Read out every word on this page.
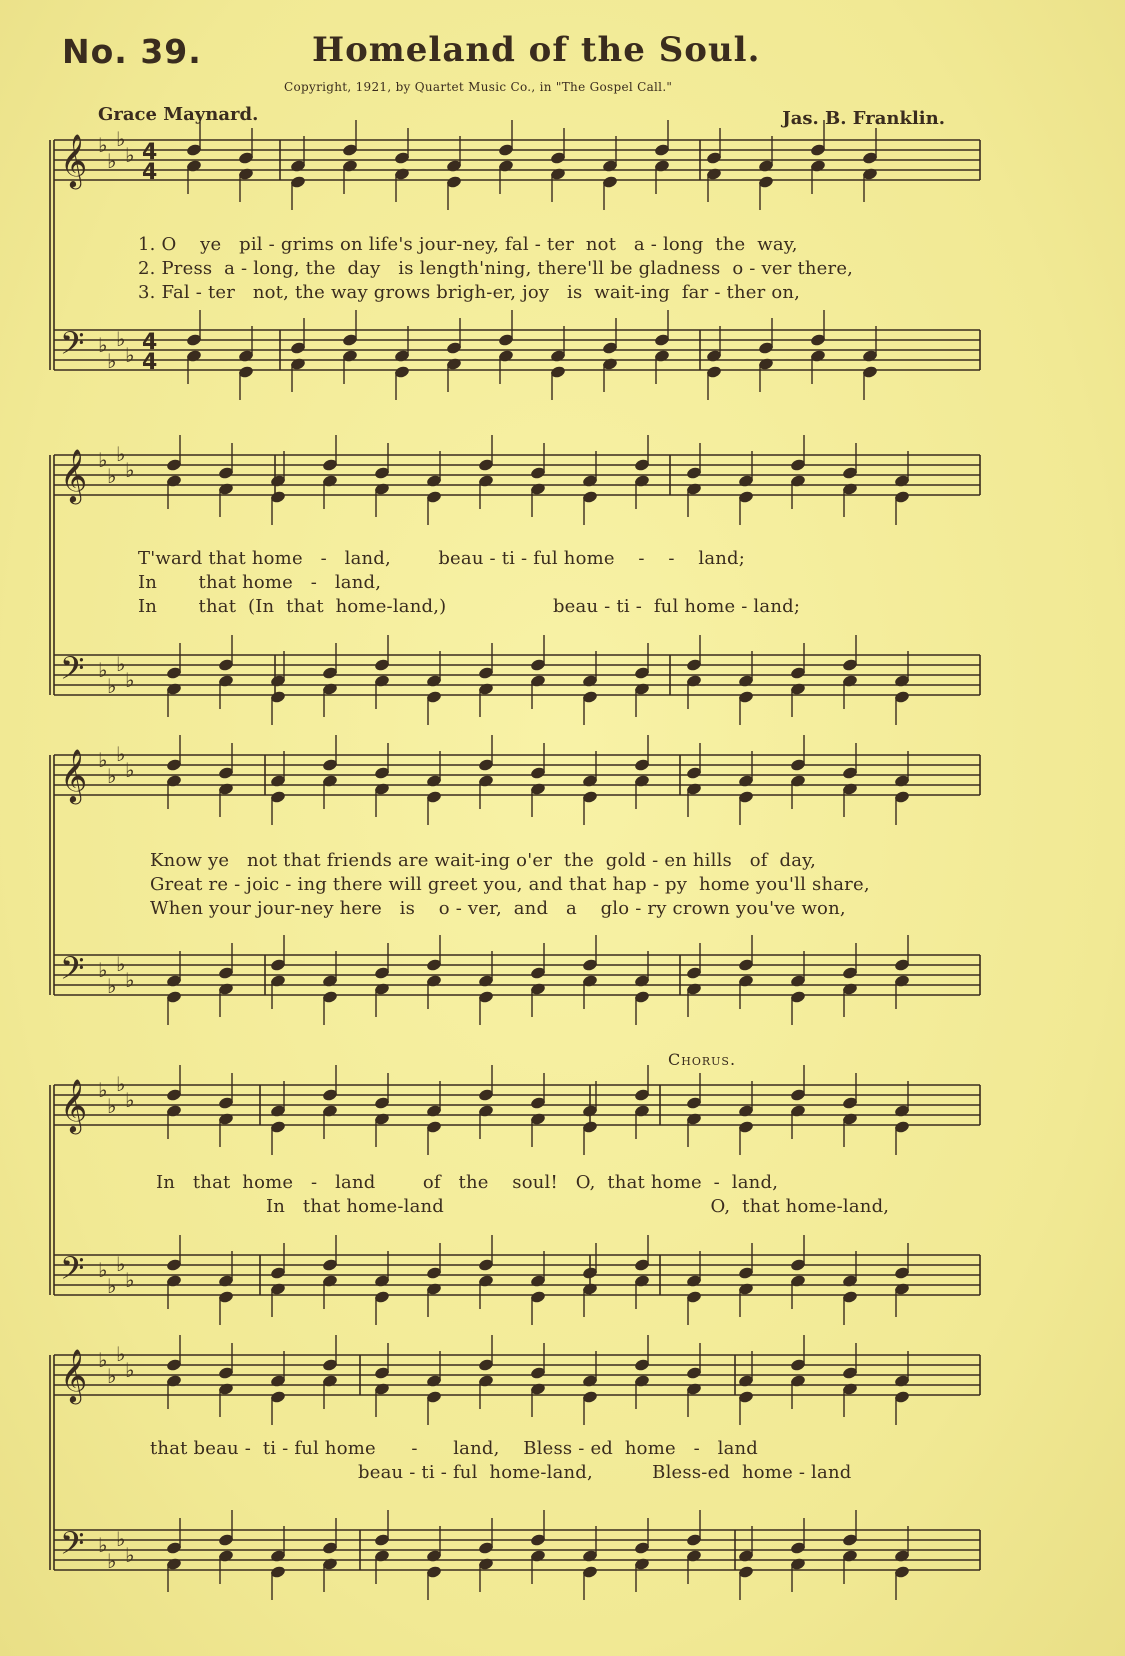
No. 39.	Homeland of the Soul.
Copyright, 1921, by Quartet Music Co., in "The Gospel Call."
Grace Maynard.	Jas. B. Franklin.
Chorus.
𝄞
𝄢
♭
♭
♭
♭
♭
♭
♭
♭
4
4
4
4
𝄞
𝄢
♭
♭
♭
♭
♭
♭
♭
♭
𝄞
𝄢
♭
♭
♭
♭
♭
♭
♭
♭
𝄞
𝄢
♭
♭
♭
♭
♭
♭
♭
♭
𝄞
𝄢
♭
♭
♭
♭
♭
♭
♭
♭
1. O    ye   pil - grims on life's jour-ney, fal - ter  not   a - long  the  way,
2. Press  a - long, the  day   is length'ning, there'll be gladness  o - ver there,
3. Fal - ter   not, the way grows brigh-er, joy   is  wait-ing  far - ther on,
T'ward that home   -   land,        beau - ti - ful home    -    -    land;
In       that home   -   land,
In       that  (In  that  home-land,)                  beau - ti -  ful home - land;
Know ye   not that friends are wait-ing o'er  the  gold - en hills   of  day,
Great re - joic - ing there will greet you, and that hap - py  home you'll share,
When your jour-ney here   is    o - ver,  and   a    glo - ry crown you've won,
In   that  home   -   land        of   the    soul!   O,  that home  -  land,
In   that home-land                                             O,  that home-land,
that beau -  ti - ful home      -      land,    Bless - ed  home   -   land
beau - ti - ful  home-land,          Bless-ed  home - land
